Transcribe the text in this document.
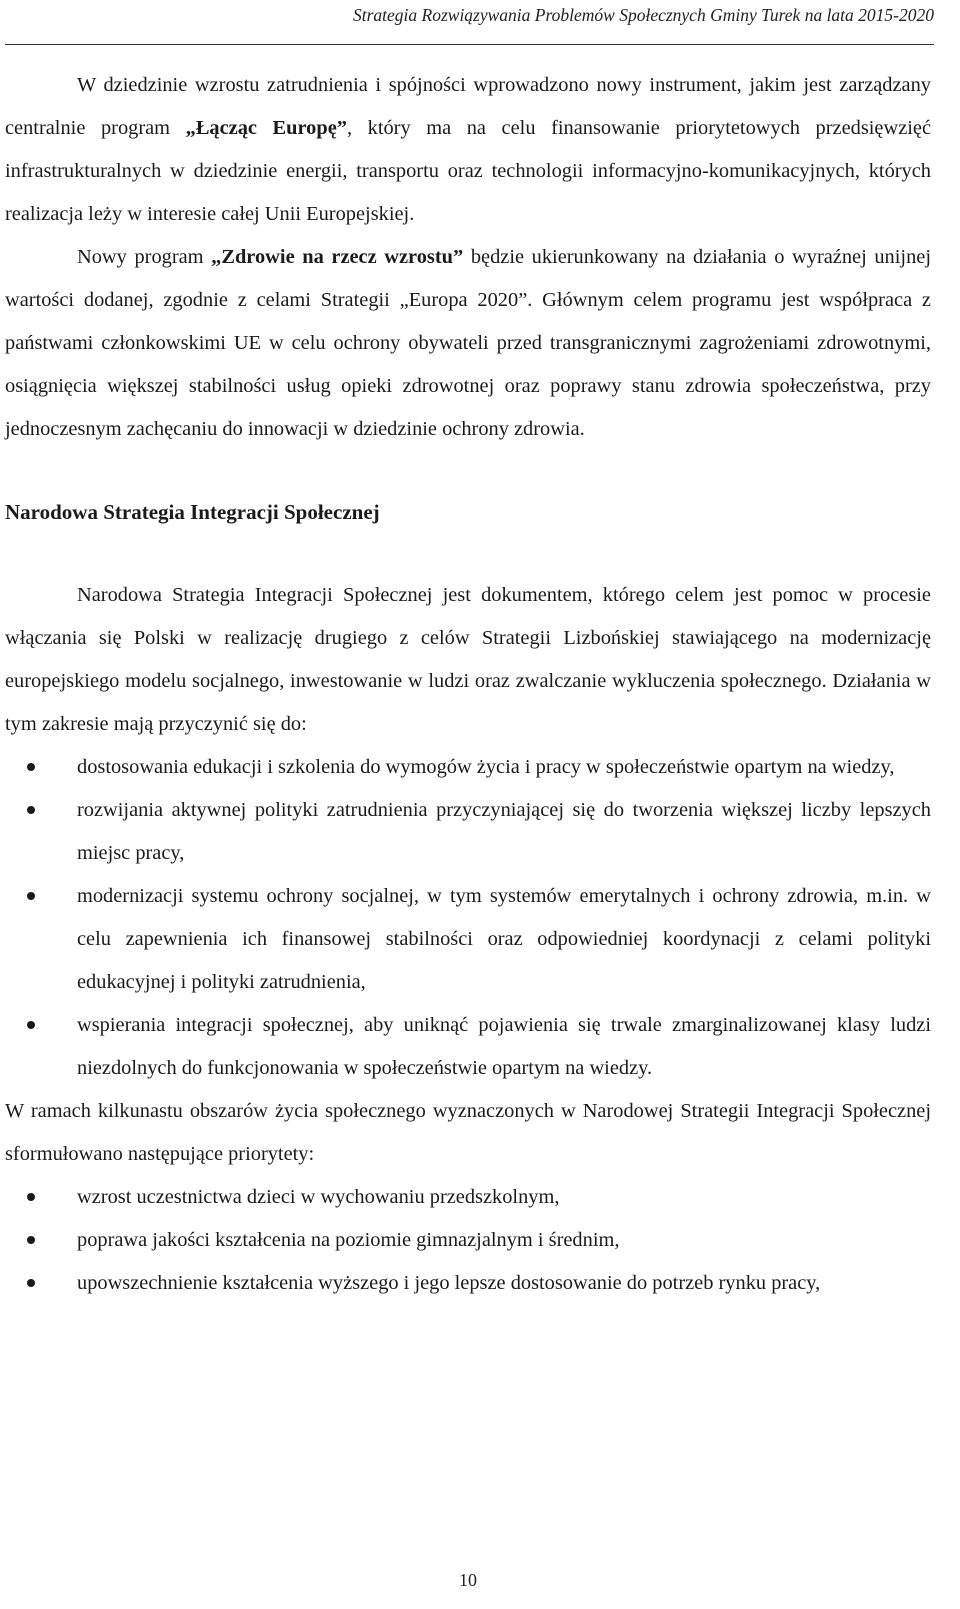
Strategia Rozwiązywania Problemów Społecznych Gminy Turek na lata 2015-2020

W dziedzinie wzrostu zatrudnienia i spójności wprowadzono nowy instrument, jakim jest zarządzany centralnie program „Łącząc Europę”, który ma na celu finansowanie priorytetowych przedsięwzięć infrastrukturalnych w dziedzinie energii, transportu oraz technologii informacyjno-komunikacyjnych, których realizacja leży w interesie całej Unii Europejskiej.

Nowy program „Zdrowie na rzecz wzrostu” będzie ukierunkowany na działania o wyraźnej unijnej wartości dodanej, zgodnie z celami Strategii „Europa 2020”. Głównym celem programu jest współpraca z państwami członkowskimi UE w celu ochrony obywateli przed transgranicznymi zagrożeniami zdrowotnymi, osiągnięcia większej stabilności usług opieki zdrowotnej oraz poprawy stanu zdrowia społeczeństwa, przy jednoczesnym zachęcaniu do innowacji w dziedzinie ochrony zdrowia.

Narodowa Strategia Integracji Społecznej

Narodowa Strategia Integracji Społecznej jest dokumentem, którego celem jest pomoc w procesie włączania się Polski w realizację drugiego z celów Strategii Lizbońskiej stawiającego na modernizację europejskiego modelu socjalnego, inwestowanie w ludzi oraz zwalczanie wykluczenia społecznego. Działania w tym zakresie mają przyczynić się do:

dostosowania edukacji i szkolenia do wymogów życia i pracy w społeczeństwie opartym na wiedzy,
rozwijania aktywnej polityki zatrudnienia przyczyniającej się do tworzenia większej liczby lepszych miejsc pracy,
modernizacji systemu ochrony socjalnej, w tym systemów emerytalnych i ochrony zdrowia, m.in. w celu zapewnienia ich finansowej stabilności oraz odpowiedniej koordynacji z celami polityki edukacyjnej i polityki zatrudnienia,
wspierania integracji społecznej, aby uniknąć pojawienia się trwale zmarginalizowanej klasy ludzi niezdolnych do funkcjonowania w społeczeństwie opartym na wiedzy.

W ramach kilkunastu obszarów życia społecznego wyznaczonych w Narodowej Strategii Integracji Społecznej sformułowano następujące priorytety:

wzrost uczestnictwa dzieci w wychowaniu przedszkolnym,
poprawa jakości kształcenia na poziomie gimnazjalnym i średnim,
upowszechnienie kształcenia wyższego i jego lepsze dostosowanie do potrzeb rynku pracy,
10
